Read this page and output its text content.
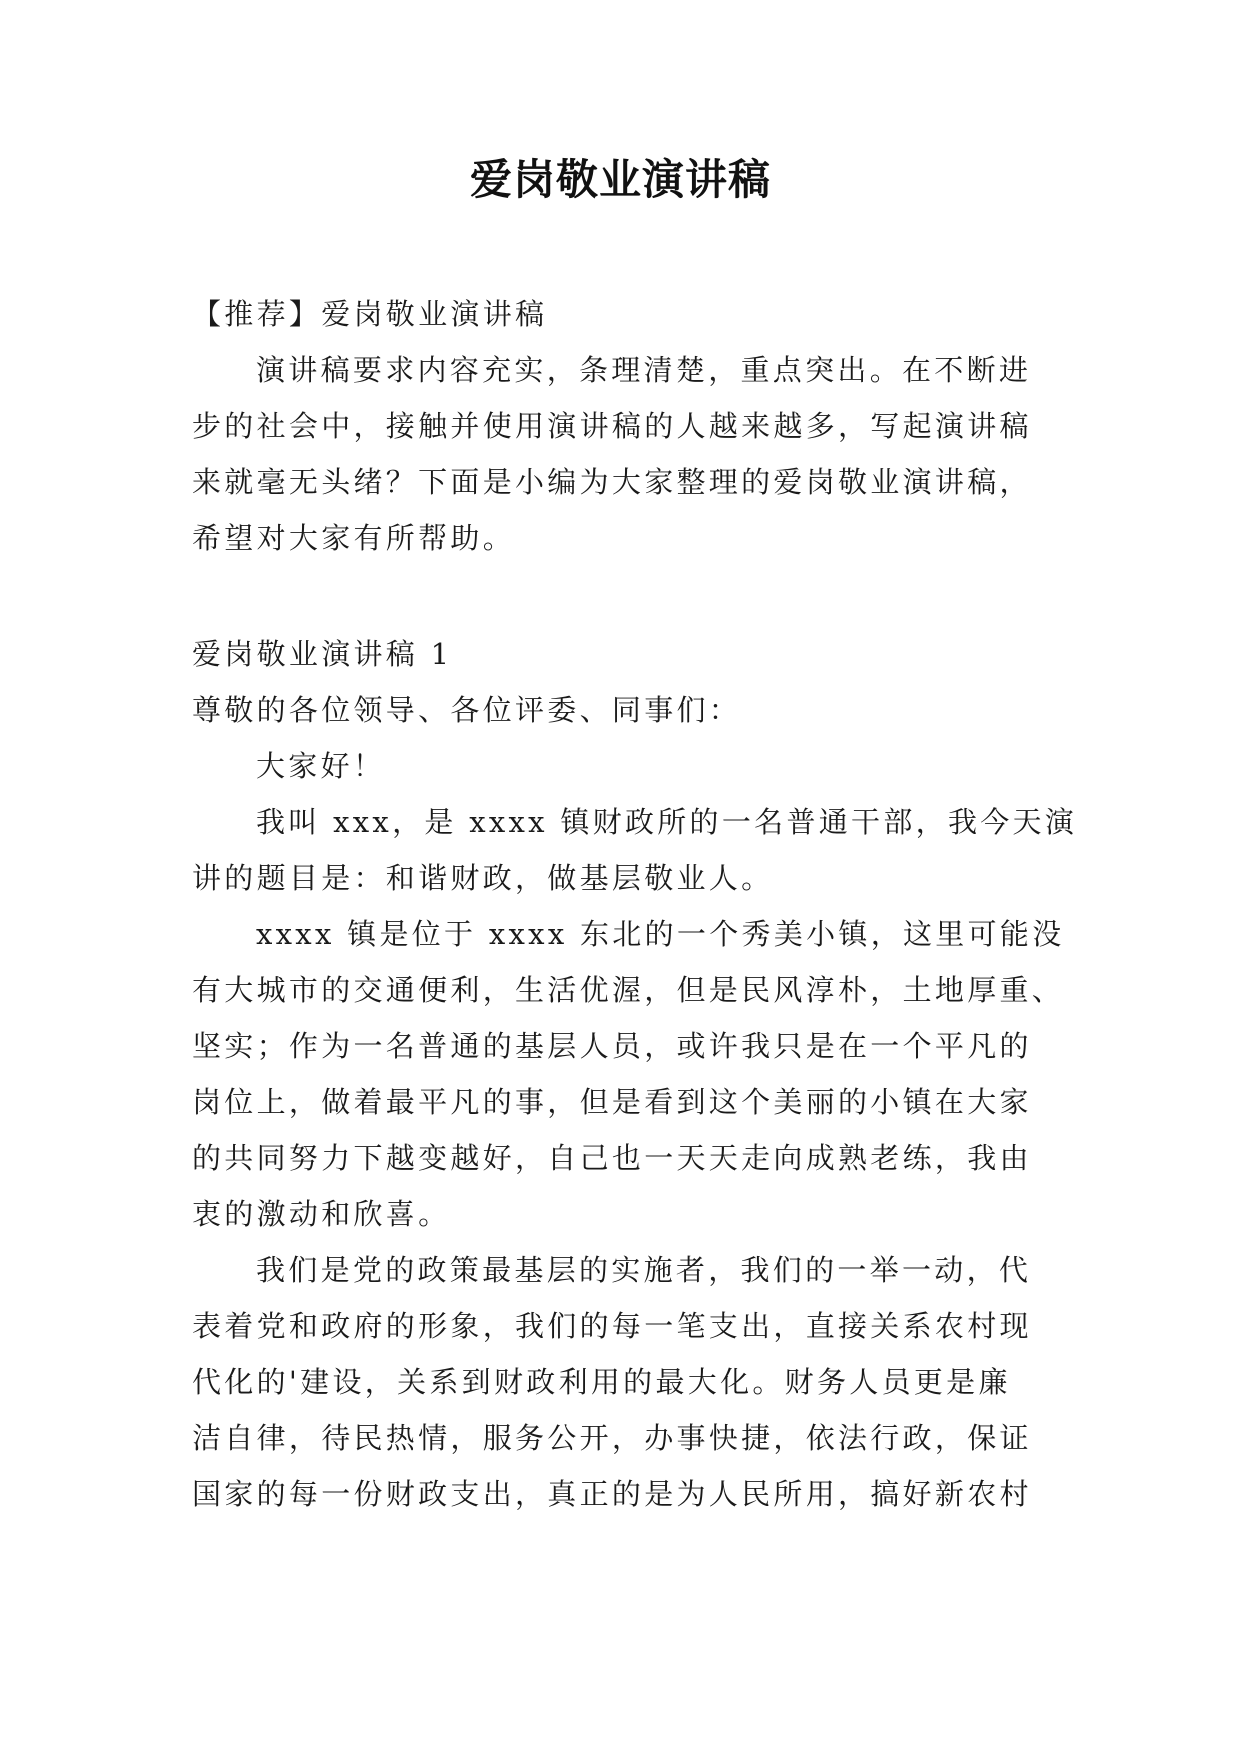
爱岗敬业演讲稿
【推荐】爱岗敬业演讲稿
演讲稿要求内容充实，条理清楚，重点突出。在不断进
步的社会中，接触并使用演讲稿的人越来越多，写起演讲稿
来就毫无头绪？下面是小编为大家整理的爱岗敬业演讲稿，
希望对大家有所帮助。
爱岗敬业演讲稿 1
尊敬的各位领导、各位评委、同事们：
大家好！
我叫 xxx，是 xxxx 镇财政所的一名普通干部，我今天演
讲的题目是：和谐财政，做基层敬业人。
xxxx 镇是位于 xxxx 东北的一个秀美小镇，这里可能没
有大城市的交通便利，生活优渥，但是民风淳朴，土地厚重、
坚实；作为一名普通的基层人员，或许我只是在一个平凡的
岗位上，做着最平凡的事，但是看到这个美丽的小镇在大家
的共同努力下越变越好，自己也一天天走向成熟老练，我由
衷的激动和欣喜。
我们是党的政策最基层的实施者，我们的一举一动，代
表着党和政府的形象，我们的每一笔支出，直接关系农村现
代化的'建设，关系到财政利用的最大化。财务人员更是廉
洁自律，待民热情，服务公开，办事快捷，依法行政，保证
国家的每一份财政支出，真正的是为人民所用，搞好新农村
